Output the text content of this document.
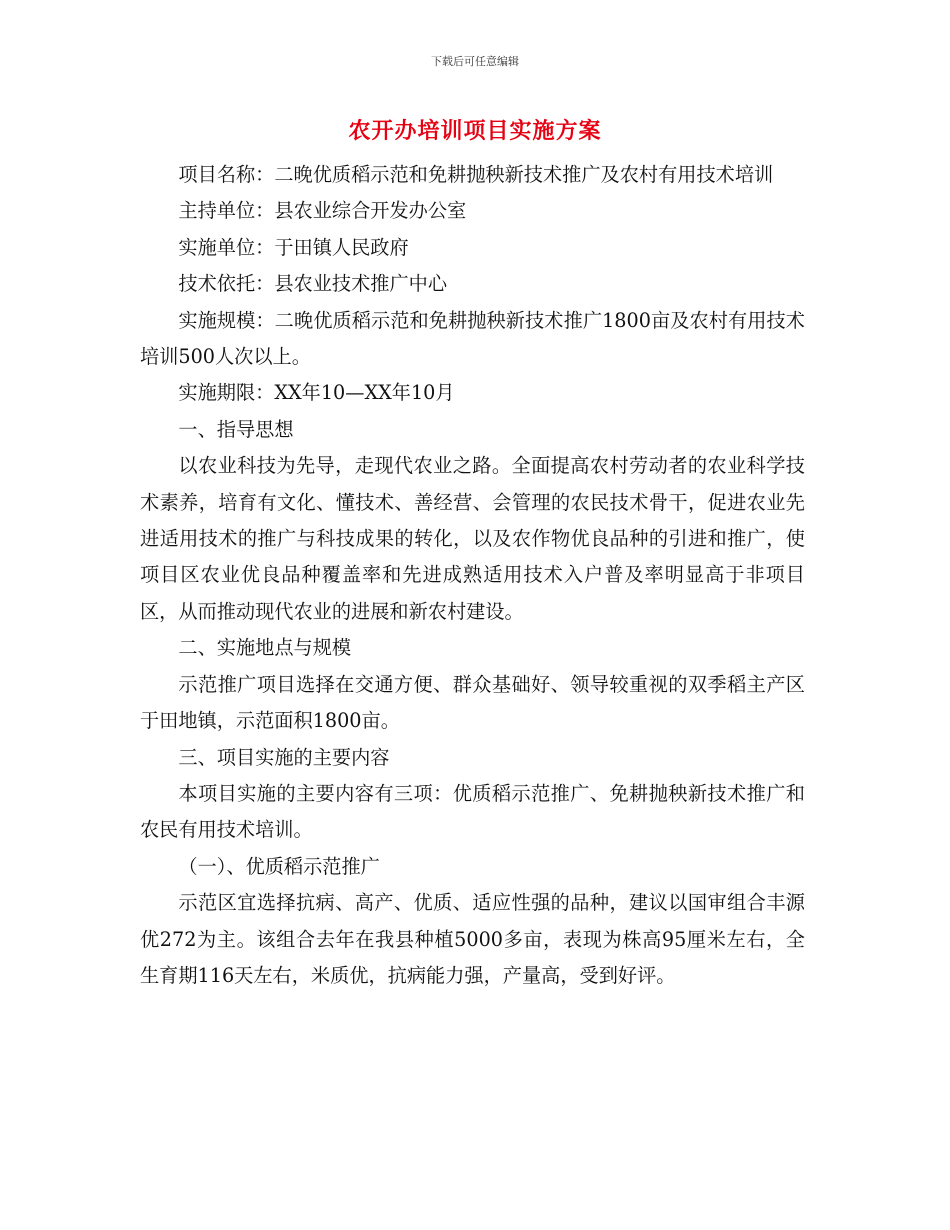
下载后可任意编辑
农开办培训项目实施方案

项目名称：二晚优质稻示范和免耕抛秧新技术推广及农村有用技术培训

主持单位：县农业综合开发办公室

实施单位：于田镇人民政府

技术依托：县农业技术推广中心

实施规模：二晚优质稻示范和免耕抛秧新技术推广1800亩及农村有用技术培训500人次以上。

实施期限：XX年10—XX年10月

一、指导思想

以农业科技为先导，走现代农业之路。全面提高农村劳动者的农业科学技术素养，培育有文化、懂技术、善经营、会管理的农民技术骨干，促进农业先进适用技术的推广与科技成果的转化，以及农作物优良品种的引进和推广，使项目区农业优良品种覆盖率和先进成熟适用技术入户普及率明显高于非项目区，从而推动现代农业的进展和新农村建设。

二、实施地点与规模

示范推广项目选择在交通方便、群众基础好、领导较重视的双季稻主产区于田地镇，示范面积1800亩。

三、项目实施的主要内容

本项目实施的主要内容有三项：优质稻示范推广、免耕抛秧新技术推广和农民有用技术培训。

（一）、优质稻示范推广

示范区宜选择抗病、高产、优质、适应性强的品种，建议以国审组合丰源优272为主。该组合去年在我县种植5000多亩，表现为株高95厘米左右，全生育期116天左右，米质优，抗病能力强，产量高，受到好评。
